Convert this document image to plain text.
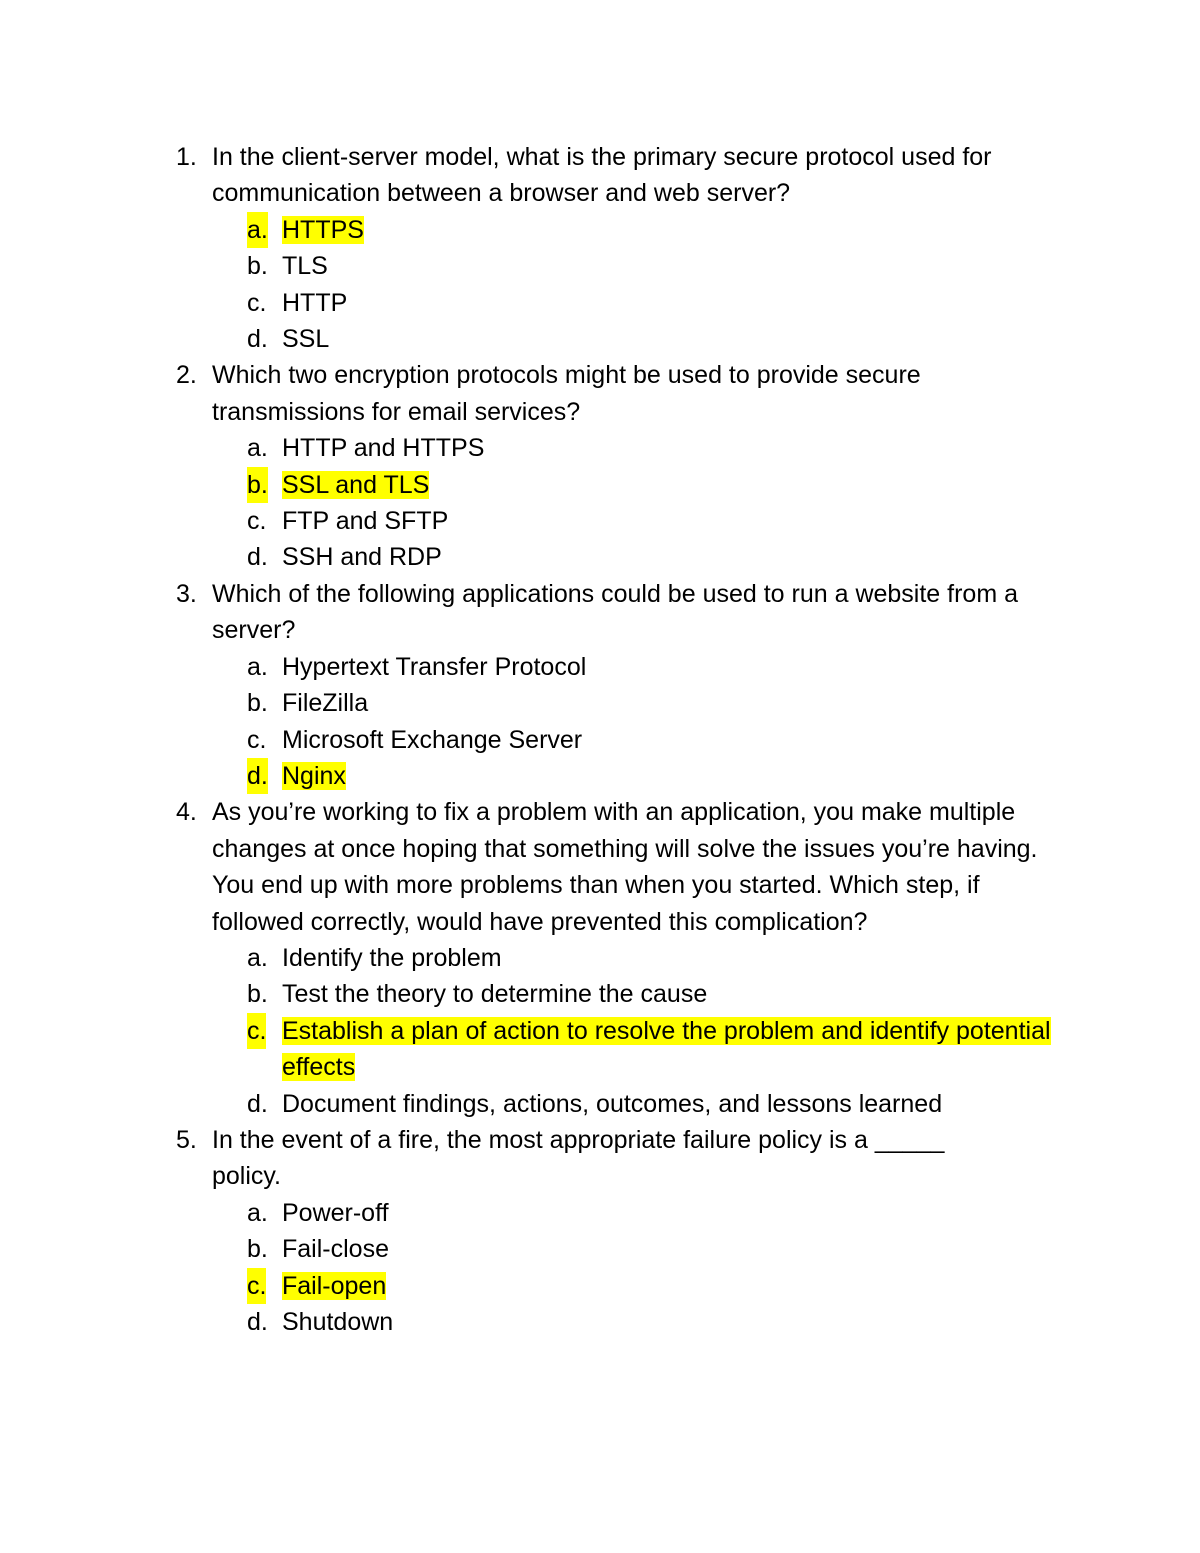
1. In the client-server model, what is the primary secure protocol used for communication between a browser and web server?
a. HTTPS
b. TLS
c. HTTP
d. SSL
2. Which two encryption protocols might be used to provide secure transmissions for email services?
a. HTTP and HTTPS
b. SSL and TLS
c. FTP and SFTP
d. SSH and RDP
3. Which of the following applications could be used to run a website from a server?
a. Hypertext Transfer Protocol
b. FileZilla
c. Microsoft Exchange Server
d. Nginx
4. As you’re working to fix a problem with an application, you make multiple changes at once hoping that something will solve the issues you’re having. You end up with more problems than when you started. Which step, if followed correctly, would have prevented this complication?
a. Identify the problem
b. Test the theory to determine the cause
c. Establish a plan of action to resolve the problem and identify potential effects
d. Document findings, actions, outcomes, and lessons learned
5. In the event of a fire, the most appropriate failure policy is a _____ policy.
a. Power-off
b. Fail-close
c. Fail-open
d. Shutdown
